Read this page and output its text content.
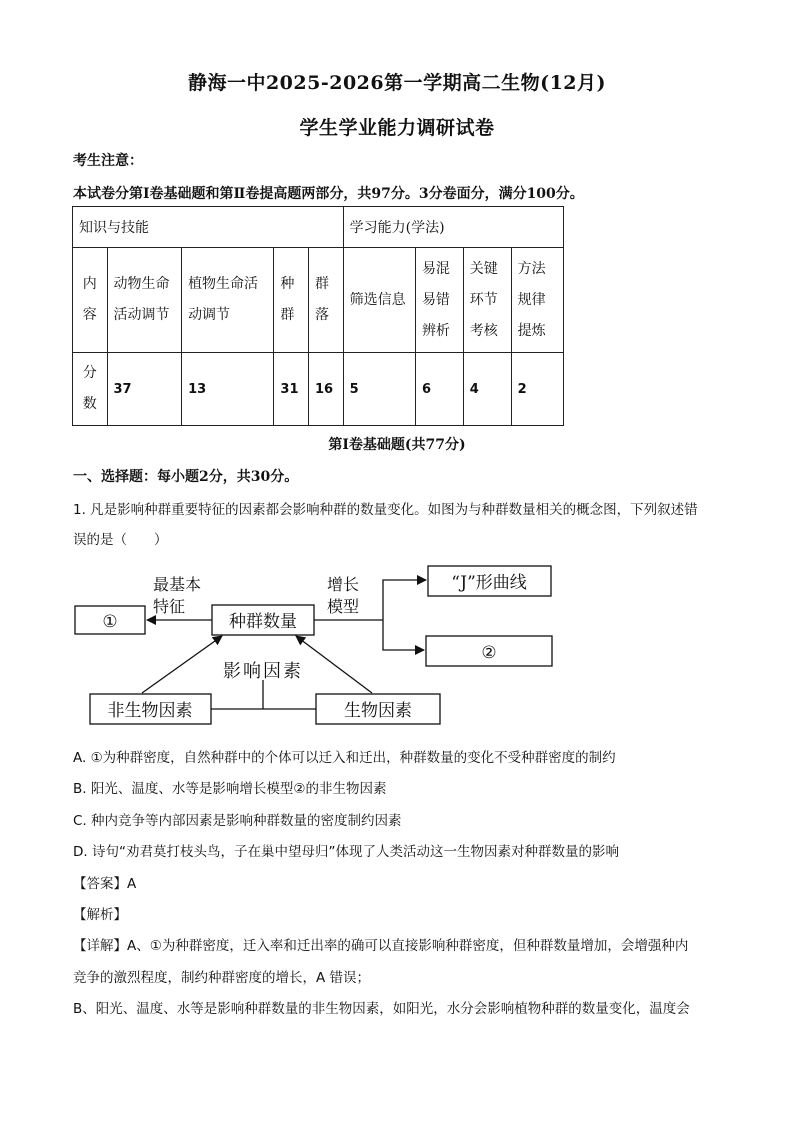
静海一中2025-2026第一学期高二生物(12月)
学生学业能力调研试卷
考生注意：
本试卷分第Ⅰ卷基础题和第Ⅱ卷提高题两部分，共97分。3分卷面分，满分100分。
知识与技能					学习能力(学法)			
内容	动物生命活动调节	植物生命活动调节	种群	群落	筛选信息	易混易错辨析	关键环节考核	方法规律提炼
分数	37	13	31	16	5	6	4	2
第Ⅰ卷基础题(共77分)
一、选择题：每小题2分，共30分。
1. 凡是影响种群重要特征的因素都会影响种群的数量变化。如图为与种群数量相关的概念图，下列叙述错
误的是（　　）
①	种群数量
“J”形曲线
②
非生物因素	生物因素
最基本
特征
增长
模型
影响因素
A. ①为种群密度，自然种群中的个体可以迁入和迁出，种群数量的变化不受种群密度的制约
B. 阳光、温度、水等是影响增长模型②的非生物因素
C. 种内竞争等内部因素是影响种群数量的密度制约因素
D. 诗句“劝君莫打枝头鸟，子在巢中望母归”体现了人类活动这一生物因素对种群数量的影响
【答案】A
【解析】
【详解】A、①为种群密度，迁入率和迁出率的确可以直接影响种群密度，但种群数量增加，会增强种内
竞争的激烈程度，制约种群密度的增长，A 错误；
B、阳光、温度、水等是影响种群数量的非生物因素，如阳光，水分会影响植物种群的数量变化，温度会
